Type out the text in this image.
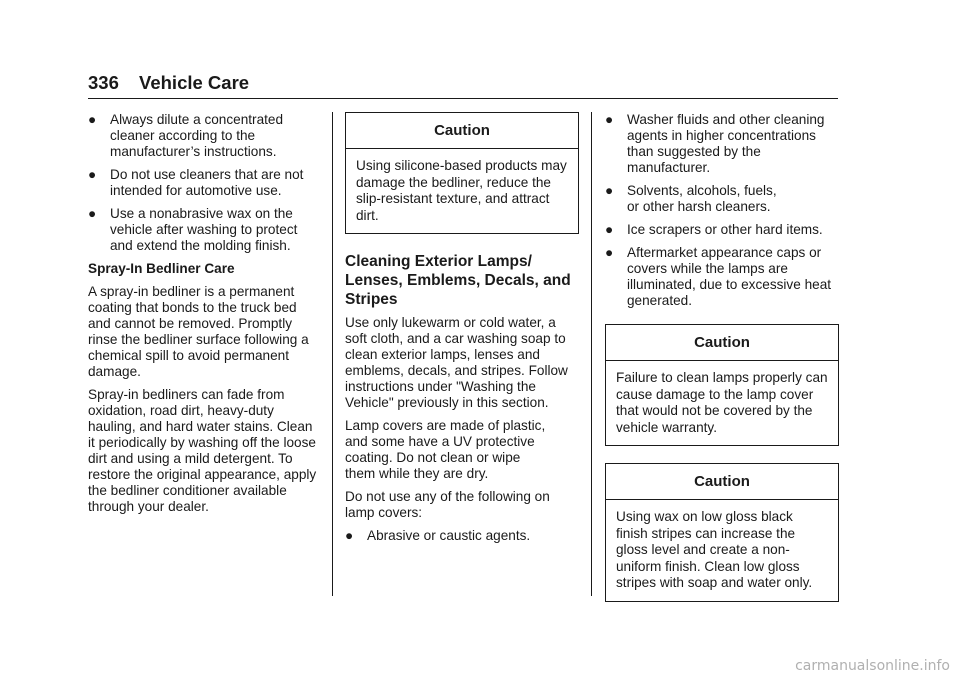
336 Vehicle Care
● Always dilute a concentrated cleaner according to the manufacturer’s instructions.
● Do not use cleaners that are not intended for automotive use.
● Use a nonabrasive wax on the vehicle after washing to protect and extend the molding finish.

Spray-In Bedliner Care

A spray-in bedliner is a permanent coating that bonds to the truck bed and cannot be removed. Promptly rinse the bedliner surface following a chemical spill to avoid permanent damage.

Spray-in bedliners can fade from oxidation, road dirt, heavy-duty hauling, and hard water stains. Clean it periodically by washing off the loose dirt and using a mild detergent. To restore the original appearance, apply the bedliner conditioner available through your dealer.

Caution
Using silicone-based products may damage the bedliner, reduce the slip-resistant texture, and attract dirt.
Cleaning Exterior Lamps/ Lenses, Emblems, Decals, and Stripes

Use only lukewarm or cold water, a soft cloth, and a car washing soap to clean exterior lamps, lenses and emblems, decals, and stripes. Follow instructions under "Washing the Vehicle" previously in this section.

Lamp covers are made of plastic, and some have a UV protective coating. Do not clean or wipe them while they are dry.

Do not use any of the following on lamp covers:

● Abrasive or caustic agents.
● Washer fluids and other cleaning agents in higher concentrations than suggested by the manufacturer.
● Solvents, alcohols, fuels, or other harsh cleaners.
● Ice scrapers or other hard items.
● Aftermarket appearance caps or covers while the lamps are illuminated, due to excessive heat generated.
Caution
Failure to clean lamps properly can cause damage to the lamp cover that would not be covered by the vehicle warranty.
Caution
Using wax on low gloss black finish stripes can increase the gloss level and create a non-uniform finish. Clean low gloss stripes with soap and water only.
carmanualsonline.info
